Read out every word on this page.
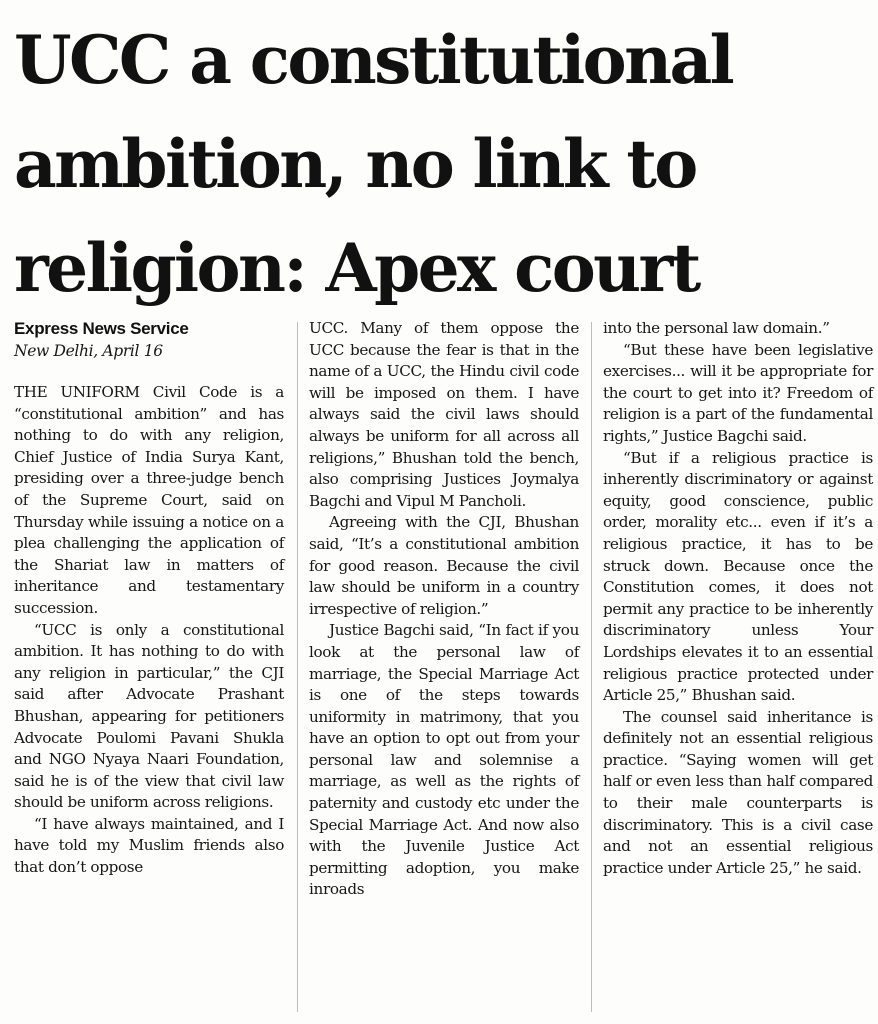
UCC a constitutional ambition, no link to religion: Apex court
Express News Service
New Delhi, April 16

THE UNIFORM Civil Code is a “constitutional ambition” and has nothing to do with any religion, Chief Justice of India Surya Kant, presiding over a three-judge bench of the Supreme Court, said on Thursday while issuing a notice on a plea challenging the application of the Shariat law in matters of inheritance and testamentary succession.

“UCC is only a constitutional ambition. It has nothing to do with any religion in particular,” the CJI said after Advocate Prashant Bhushan, appearing for petitioners Advocate Poulomi Pavani Shukla and NGO Nyaya Naari Foundation, said he is of the view that civil law should be uniform across religions.

“I have always maintained, and I have told my Muslim friends also that don’t oppose

UCC. Many of them oppose the UCC because the fear is that in the name of a UCC, the Hindu civil code will be imposed on them. I have always said the civil laws should always be uniform for all across all religions,” Bhushan told the bench, also comprising Justices Joymalya Bagchi and Vipul M Pancholi.

Agreeing with the CJI, Bhushan said, “It’s a constitutional ambition for good reason. Because the civil law should be uniform in a country irrespective of religion.”

Justice Bagchi said, “In fact if you look at the personal law of marriage, the Special Marriage Act is one of the steps towards uniformity in matrimony, that you have an option to opt out from your personal law and solemnise a marriage, as well as the rights of paternity and custody etc under the Special Marriage Act. And now also with the Juvenile Justice Act permitting adoption, you make inroads

into the personal law domain.”

“But these have been legislative exercises... will it be appropriate for the court to get into it? Freedom of religion is a part of the fundamental rights,” Justice Bagchi said.

“But if a religious practice is inherently discriminatory or against equity, good conscience, public order, morality etc... even if it’s a religious practice, it has to be struck down. Because once the Constitution comes, it does not permit any practice to be inherently discriminatory unless Your Lordships elevates it to an essential religious practice protected under Article 25,” Bhushan said.

The counsel said inheritance is definitely not an essential religious practice. “Saying women will get half or even less than half compared to their male counterparts is discriminatory. This is a civil case and not an essential religious practice under Article 25,” he said.
